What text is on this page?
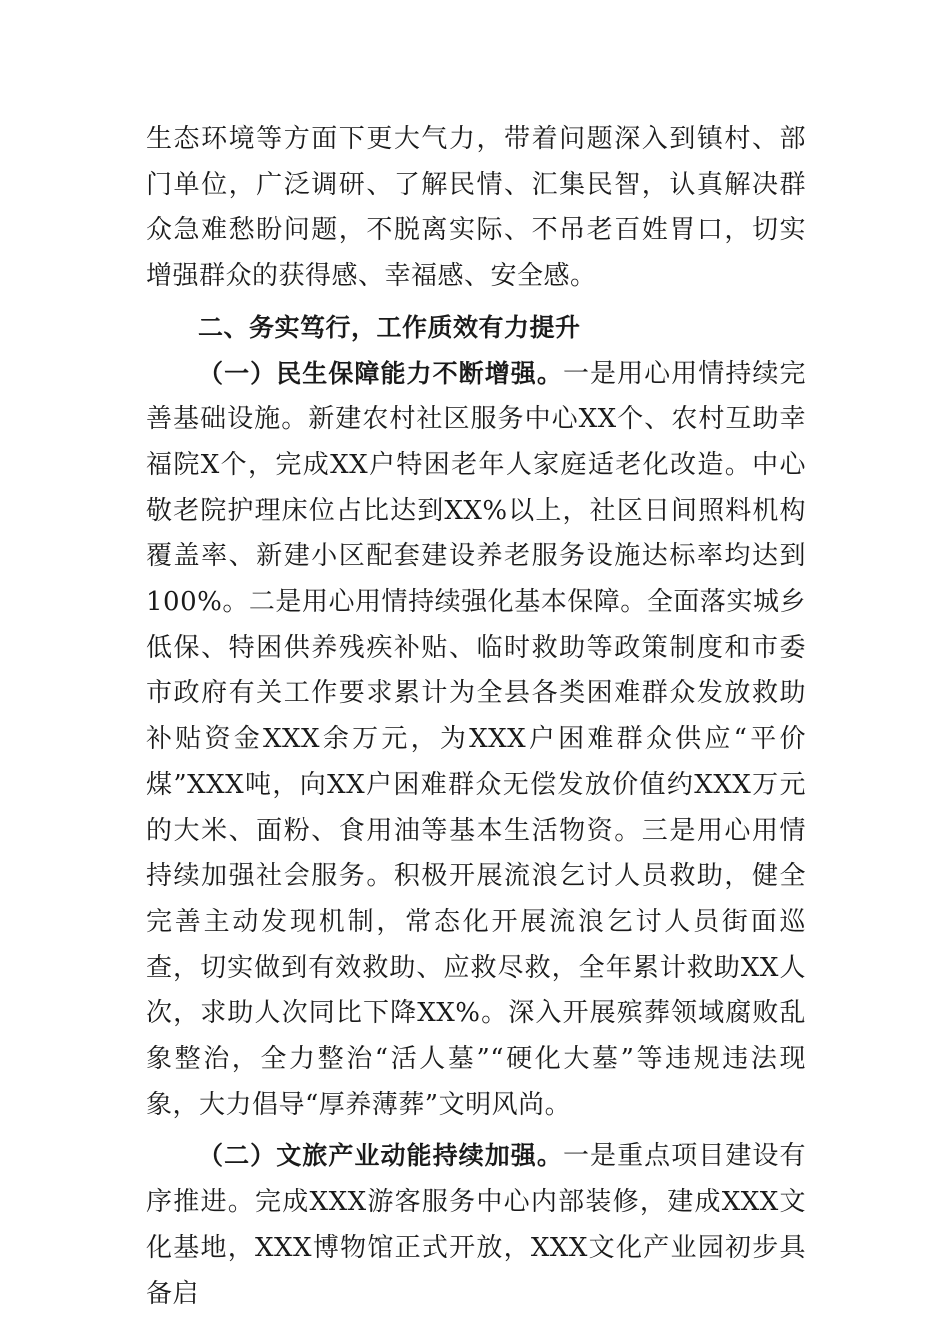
生态环境等方面下更大气力，带着问题深入到镇村、部门单位，广泛调研、了解民情、汇集民智，认真解决群众急难愁盼问题，不脱离实际、不吊老百姓胃口，切实增强群众的获得感、幸福感、安全感。

二、务实笃行，工作质效有力提升

（一）民生保障能力不断增强。一是用心用情持续完善基础设施。新建农村社区服务中心XX个、农村互助幸福院X个，完成XX户特困老年人家庭适老化改造。中心敬老院护理床位占比达到XX%以上，社区日间照料机构覆盖率、新建小区配套建设养老服务设施达标率均达到100%。二是用心用情持续强化基本保障。全面落实城乡低保、特困供养残疾补贴、临时救助等政策制度和市委市政府有关工作要求累计为全县各类困难群众发放救助补贴资金XXX余万元，为XXX户困难群众供应“平价煤”XXX吨，向XX户困难群众无偿发放价值约XXX万元的大米、面粉、食用油等基本生活物资。三是用心用情持续加强社会服务。积极开展流浪乞讨人员救助，健全完善主动发现机制，常态化开展流浪乞讨人员街面巡查，切实做到有效救助、应救尽救，全年累计救助XX人次，求助人次同比下降XX%。深入开展殡葬领域腐败乱象整治，全力整治“活人墓”“硬化大墓”等违规违法现象，大力倡导“厚养薄葬”文明风尚。

（二）文旅产业动能持续加强。一是重点项目建设有序推进。完成XXX游客服务中心内部装修，建成XXX文化基地，XXX博物馆正式开放，XXX文化产业园初步具备启
